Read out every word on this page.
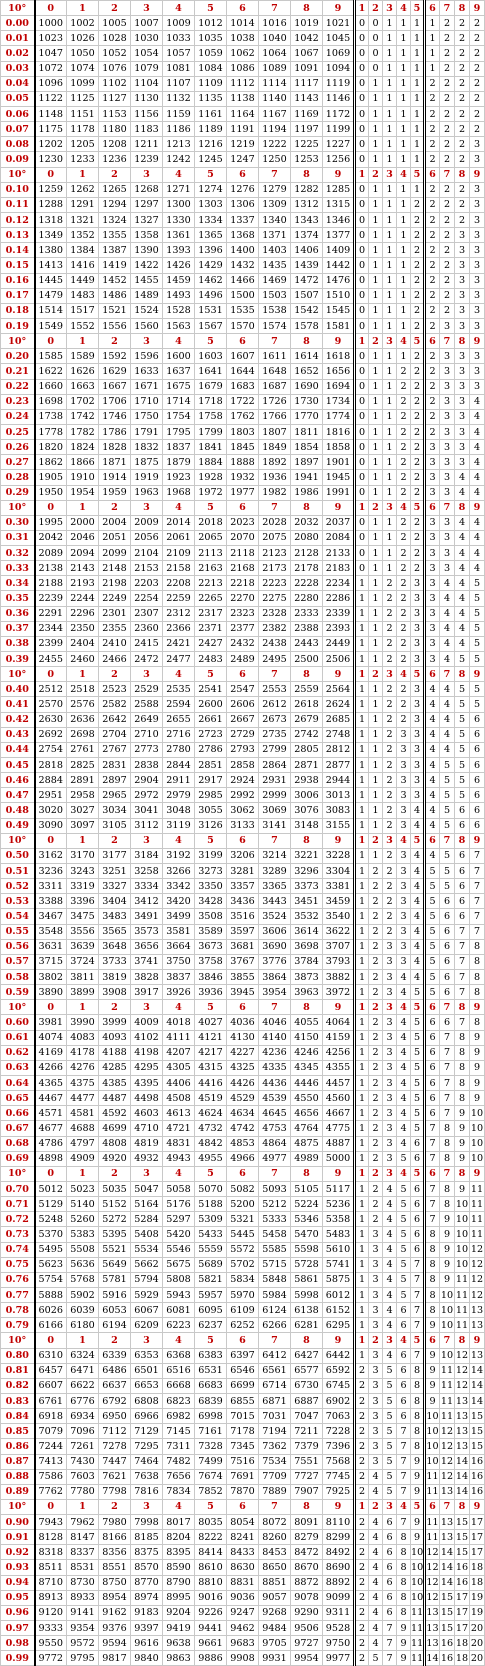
10°	0	1	2	3	4	5	6	7	8	9	1	2	3	4	5	6	7	8	9
0.00	1000	1002	1005	1007	1009	1012	1014	1016	1019	1021	0	0	1	1	1	1	2	2	2
0.01	1023	1026	1028	1030	1033	1035	1038	1040	1042	1045	0	0	1	1	1	1	2	2	2
0.02	1047	1050	1052	1054	1057	1059	1062	1064	1067	1069	0	0	1	1	1	1	2	2	2
0.03	1072	1074	1076	1079	1081	1084	1086	1089	1091	1094	0	0	1	1	1	1	2	2	2
0.04	1096	1099	1102	1104	1107	1109	1112	1114	1117	1119	0	1	1	1	1	2	2	2	2
0.05	1122	1125	1127	1130	1132	1135	1138	1140	1143	1146	0	1	1	1	1	2	2	2	2
0.06	1148	1151	1153	1156	1159	1161	1164	1167	1169	1172	0	1	1	1	1	2	2	2	2
0.07	1175	1178	1180	1183	1186	1189	1191	1194	1197	1199	0	1	1	1	1	2	2	2	2
0.08	1202	1205	1208	1211	1213	1216	1219	1222	1225	1227	0	1	1	1	1	2	2	2	3
0.09	1230	1233	1236	1239	1242	1245	1247	1250	1253	1256	0	1	1	1	1	2	2	2	3
10°	0	1	2	3	4	5	6	7	8	9	1	2	3	4	5	6	7	8	9
0.10	1259	1262	1265	1268	1271	1274	1276	1279	1282	1285	0	1	1	1	1	2	2	2	3
0.11	1288	1291	1294	1297	1300	1303	1306	1309	1312	1315	0	1	1	1	2	2	2	2	3
0.12	1318	1321	1324	1327	1330	1334	1337	1340	1343	1346	0	1	1	1	2	2	2	2	3
0.13	1349	1352	1355	1358	1361	1365	1368	1371	1374	1377	0	1	1	1	2	2	2	3	3
0.14	1380	1384	1387	1390	1393	1396	1400	1403	1406	1409	0	1	1	1	2	2	2	3	3
0.15	1413	1416	1419	1422	1426	1429	1432	1435	1439	1442	0	1	1	1	2	2	2	3	3
0.16	1445	1449	1452	1455	1459	1462	1466	1469	1472	1476	0	1	1	1	2	2	2	3	3
0.17	1479	1483	1486	1489	1493	1496	1500	1503	1507	1510	0	1	1	1	2	2	2	3	3
0.18	1514	1517	1521	1524	1528	1531	1535	1538	1542	1545	0	1	1	1	2	2	2	3	3
0.19	1549	1552	1556	1560	1563	1567	1570	1574	1578	1581	0	1	1	1	2	2	3	3	3
10°	0	1	2	3	4	5	6	7	8	9	1	2	3	4	5	6	7	8	9
0.20	1585	1589	1592	1596	1600	1603	1607	1611	1614	1618	0	1	1	1	2	2	3	3	3
0.21	1622	1626	1629	1633	1637	1641	1644	1648	1652	1656	0	1	1	2	2	2	3	3	3
0.22	1660	1663	1667	1671	1675	1679	1683	1687	1690	1694	0	1	1	2	2	2	3	3	3
0.23	1698	1702	1706	1710	1714	1718	1722	1726	1730	1734	0	1	1	2	2	2	3	3	4
0.24	1738	1742	1746	1750	1754	1758	1762	1766	1770	1774	0	1	1	2	2	2	3	3	4
0.25	1778	1782	1786	1791	1795	1799	1803	1807	1811	1816	0	1	1	2	2	2	3	3	4
0.26	1820	1824	1828	1832	1837	1841	1845	1849	1854	1858	0	1	1	2	2	3	3	3	4
0.27	1862	1866	1871	1875	1879	1884	1888	1892	1897	1901	0	1	1	2	2	3	3	3	4
0.28	1905	1910	1914	1919	1923	1928	1932	1936	1941	1945	0	1	1	2	2	3	3	4	4
0.29	1950	1954	1959	1963	1968	1972	1977	1982	1986	1991	0	1	1	2	2	3	3	4	4
10°	0	1	2	3	4	5	6	7	8	9	1	2	3	4	5	6	7	8	9
0.30	1995	2000	2004	2009	2014	2018	2023	2028	2032	2037	0	1	1	2	2	3	3	4	4
0.31	2042	2046	2051	2056	2061	2065	2070	2075	2080	2084	0	1	1	2	2	3	3	4	4
0.32	2089	2094	2099	2104	2109	2113	2118	2123	2128	2133	0	1	1	2	2	3	3	4	4
0.33	2138	2143	2148	2153	2158	2163	2168	2173	2178	2183	0	1	1	2	2	3	3	4	4
0.34	2188	2193	2198	2203	2208	2213	2218	2223	2228	2234	1	1	2	2	3	3	4	4	5
0.35	2239	2244	2249	2254	2259	2265	2270	2275	2280	2286	1	1	2	2	3	3	4	4	5
0.36	2291	2296	2301	2307	2312	2317	2323	2328	2333	2339	1	1	2	2	3	3	4	4	5
0.37	2344	2350	2355	2360	2366	2371	2377	2382	2388	2393	1	1	2	2	3	3	4	4	5
0.38	2399	2404	2410	2415	2421	2427	2432	2438	2443	2449	1	1	2	2	3	3	4	4	5
0.39	2455	2460	2466	2472	2477	2483	2489	2495	2500	2506	1	1	2	2	3	3	4	5	5
10°	0	1	2	3	4	5	6	7	8	9	1	2	3	4	5	6	7	8	9
0.40	2512	2518	2523	2529	2535	2541	2547	2553	2559	2564	1	1	2	2	3	4	4	5	5
0.41	2570	2576	2582	2588	2594	2600	2606	2612	2618	2624	1	1	2	2	3	4	4	5	5
0.42	2630	2636	2642	2649	2655	2661	2667	2673	2679	2685	1	1	2	2	3	4	4	5	6
0.43	2692	2698	2704	2710	2716	2723	2729	2735	2742	2748	1	1	2	3	3	4	4	5	6
0.44	2754	2761	2767	2773	2780	2786	2793	2799	2805	2812	1	1	2	3	3	4	4	5	6
0.45	2818	2825	2831	2838	2844	2851	2858	2864	2871	2877	1	1	2	3	3	4	5	5	6
0.46	2884	2891	2897	2904	2911	2917	2924	2931	2938	2944	1	1	2	3	3	4	5	5	6
0.47	2951	2958	2965	2972	2979	2985	2992	2999	3006	3013	1	1	2	3	3	4	5	5	6
0.48	3020	3027	3034	3041	3048	3055	3062	3069	3076	3083	1	1	2	3	4	4	5	6	6
0.49	3090	3097	3105	3112	3119	3126	3133	3141	3148	3155	1	1	2	3	4	4	5	6	6
10°	0	1	2	3	4	5	6	7	8	9	1	2	3	4	5	6	7	8	9
0.50	3162	3170	3177	3184	3192	3199	3206	3214	3221	3228	1	1	2	3	4	4	5	6	7
0.51	3236	3243	3251	3258	3266	3273	3281	3289	3296	3304	1	2	2	3	4	5	5	6	7
0.52	3311	3319	3327	3334	3342	3350	3357	3365	3373	3381	1	2	2	3	4	5	5	6	7
0.53	3388	3396	3404	3412	3420	3428	3436	3443	3451	3459	1	2	2	3	4	5	6	6	7
0.54	3467	3475	3483	3491	3499	3508	3516	3524	3532	3540	1	2	2	3	4	5	6	6	7
0.55	3548	3556	3565	3573	3581	3589	3597	3606	3614	3622	1	2	2	3	4	5	6	7	7
0.56	3631	3639	3648	3656	3664	3673	3681	3690	3698	3707	1	2	3	3	4	5	6	7	8
0.57	3715	3724	3733	3741	3750	3758	3767	3776	3784	3793	1	2	3	3	4	5	6	7	8
0.58	3802	3811	3819	3828	3837	3846	3855	3864	3873	3882	1	2	3	4	4	5	6	7	8
0.59	3890	3899	3908	3917	3926	3936	3945	3954	3963	3972	1	2	3	4	5	5	6	7	8
10°	0	1	2	3	4	5	6	7	8	9	1	2	3	4	5	6	7	8	9
0.60	3981	3990	3999	4009	4018	4027	4036	4046	4055	4064	1	2	3	4	5	6	6	7	8
0.61	4074	4083	4093	4102	4111	4121	4130	4140	4150	4159	1	2	3	4	5	6	7	8	9
0.62	4169	4178	4188	4198	4207	4217	4227	4236	4246	4256	1	2	3	4	5	6	7	8	9
0.63	4266	4276	4285	4295	4305	4315	4325	4335	4345	4355	1	2	3	4	5	6	7	8	9
0.64	4365	4375	4385	4395	4406	4416	4426	4436	4446	4457	1	2	3	4	5	6	7	8	9
0.65	4467	4477	4487	4498	4508	4519	4529	4539	4550	4560	1	2	3	4	5	6	7	8	9
0.66	4571	4581	4592	4603	4613	4624	4634	4645	4656	4667	1	2	3	4	5	6	7	9	10
0.67	4677	4688	4699	4710	4721	4732	4742	4753	4764	4775	1	2	3	4	5	7	8	9	10
0.68	4786	4797	4808	4819	4831	4842	4853	4864	4875	4887	1	2	3	4	6	7	8	9	10
0.69	4898	4909	4920	4932	4943	4955	4966	4977	4989	5000	1	2	3	5	6	7	8	9	10
10°	0	1	2	3	4	5	6	7	8	9	1	2	3	4	5	6	7	8	9
0.70	5012	5023	5035	5047	5058	5070	5082	5093	5105	5117	1	2	4	5	6	7	8	9	11
0.71	5129	5140	5152	5164	5176	5188	5200	5212	5224	5236	1	2	4	5	6	7	8	10	11
0.72	5248	5260	5272	5284	5297	5309	5321	5333	5346	5358	1	2	4	5	6	7	9	10	11
0.73	5370	5383	5395	5408	5420	5433	5445	5458	5470	5483	1	3	4	5	6	8	9	10	11
0.74	5495	5508	5521	5534	5546	5559	5572	5585	5598	5610	1	3	4	5	6	8	9	10	12
0.75	5623	5636	5649	5662	5675	5689	5702	5715	5728	5741	1	3	4	5	7	8	9	10	12
0.76	5754	5768	5781	5794	5808	5821	5834	5848	5861	5875	1	3	4	5	7	8	9	11	12
0.77	5888	5902	5916	5929	5943	5957	5970	5984	5998	6012	1	3	4	5	7	8	10	11	12
0.78	6026	6039	6053	6067	6081	6095	6109	6124	6138	6152	1	3	4	6	7	8	10	11	13
0.79	6166	6180	6194	6209	6223	6237	6252	6266	6281	6295	1	3	4	6	7	9	10	11	13
10°	0	1	2	3	4	5	6	7	8	9	1	2	3	4	5	6	7	8	9
0.80	6310	6324	6339	6353	6368	6383	6397	6412	6427	6442	1	3	4	6	7	9	10	12	13
0.81	6457	6471	6486	6501	6516	6531	6546	6561	6577	6592	2	3	5	6	8	9	11	12	14
0.82	6607	6622	6637	6653	6668	6683	6699	6714	6730	6745	2	3	5	6	8	9	11	12	14
0.83	6761	6776	6792	6808	6823	6839	6855	6871	6887	6902	2	3	5	6	8	9	11	13	14
0.84	6918	6934	6950	6966	6982	6998	7015	7031	7047	7063	2	3	5	6	8	10	11	13	15
0.85	7079	7096	7112	7129	7145	7161	7178	7194	7211	7228	2	3	5	7	8	10	12	13	15
0.86	7244	7261	7278	7295	7311	7328	7345	7362	7379	7396	2	3	5	7	8	10	12	13	15
0.87	7413	7430	7447	7464	7482	7499	7516	7534	7551	7568	2	3	5	7	9	10	12	14	16
0.88	7586	7603	7621	7638	7656	7674	7691	7709	7727	7745	2	4	5	7	9	11	12	14	16
0.89	7762	7780	7798	7816	7834	7852	7870	7889	7907	7925	2	4	5	7	9	11	13	14	16
10°	0	1	2	3	4	5	6	7	8	9	1	2	3	4	5	6	7	8	9
0.90	7943	7962	7980	7998	8017	8035	8054	8072	8091	8110	2	4	6	7	9	11	13	15	17
0.91	8128	8147	8166	8185	8204	8222	8241	8260	8279	8299	2	4	6	8	9	11	13	15	17
0.92	8318	8337	8356	8375	8395	8414	8433	8453	8472	8492	2	4	6	8	10	12	14	15	17
0.93	8511	8531	8551	8570	8590	8610	8630	8650	8670	8690	2	4	6	8	10	12	14	16	18
0.94	8710	8730	8750	8770	8790	8810	8831	8851	8872	8892	2	4	6	8	10	12	14	16	18
0.95	8913	8933	8954	8974	8995	9016	9036	9057	9078	9099	2	4	6	8	10	12	15	17	19
0.96	9120	9141	9162	9183	9204	9226	9247	9268	9290	9311	2	4	6	8	11	13	15	17	19
0.97	9333	9354	9376	9397	9419	9441	9462	9484	9506	9528	2	4	7	9	11	13	15	17	20
0.98	9550	9572	9594	9616	9638	9661	9683	9705	9727	9750	2	4	7	9	11	13	16	18	20
0.99	9772	9795	9817	9840	9863	9886	9908	9931	9954	9977	2	5	7	9	11	14	16	18	20
